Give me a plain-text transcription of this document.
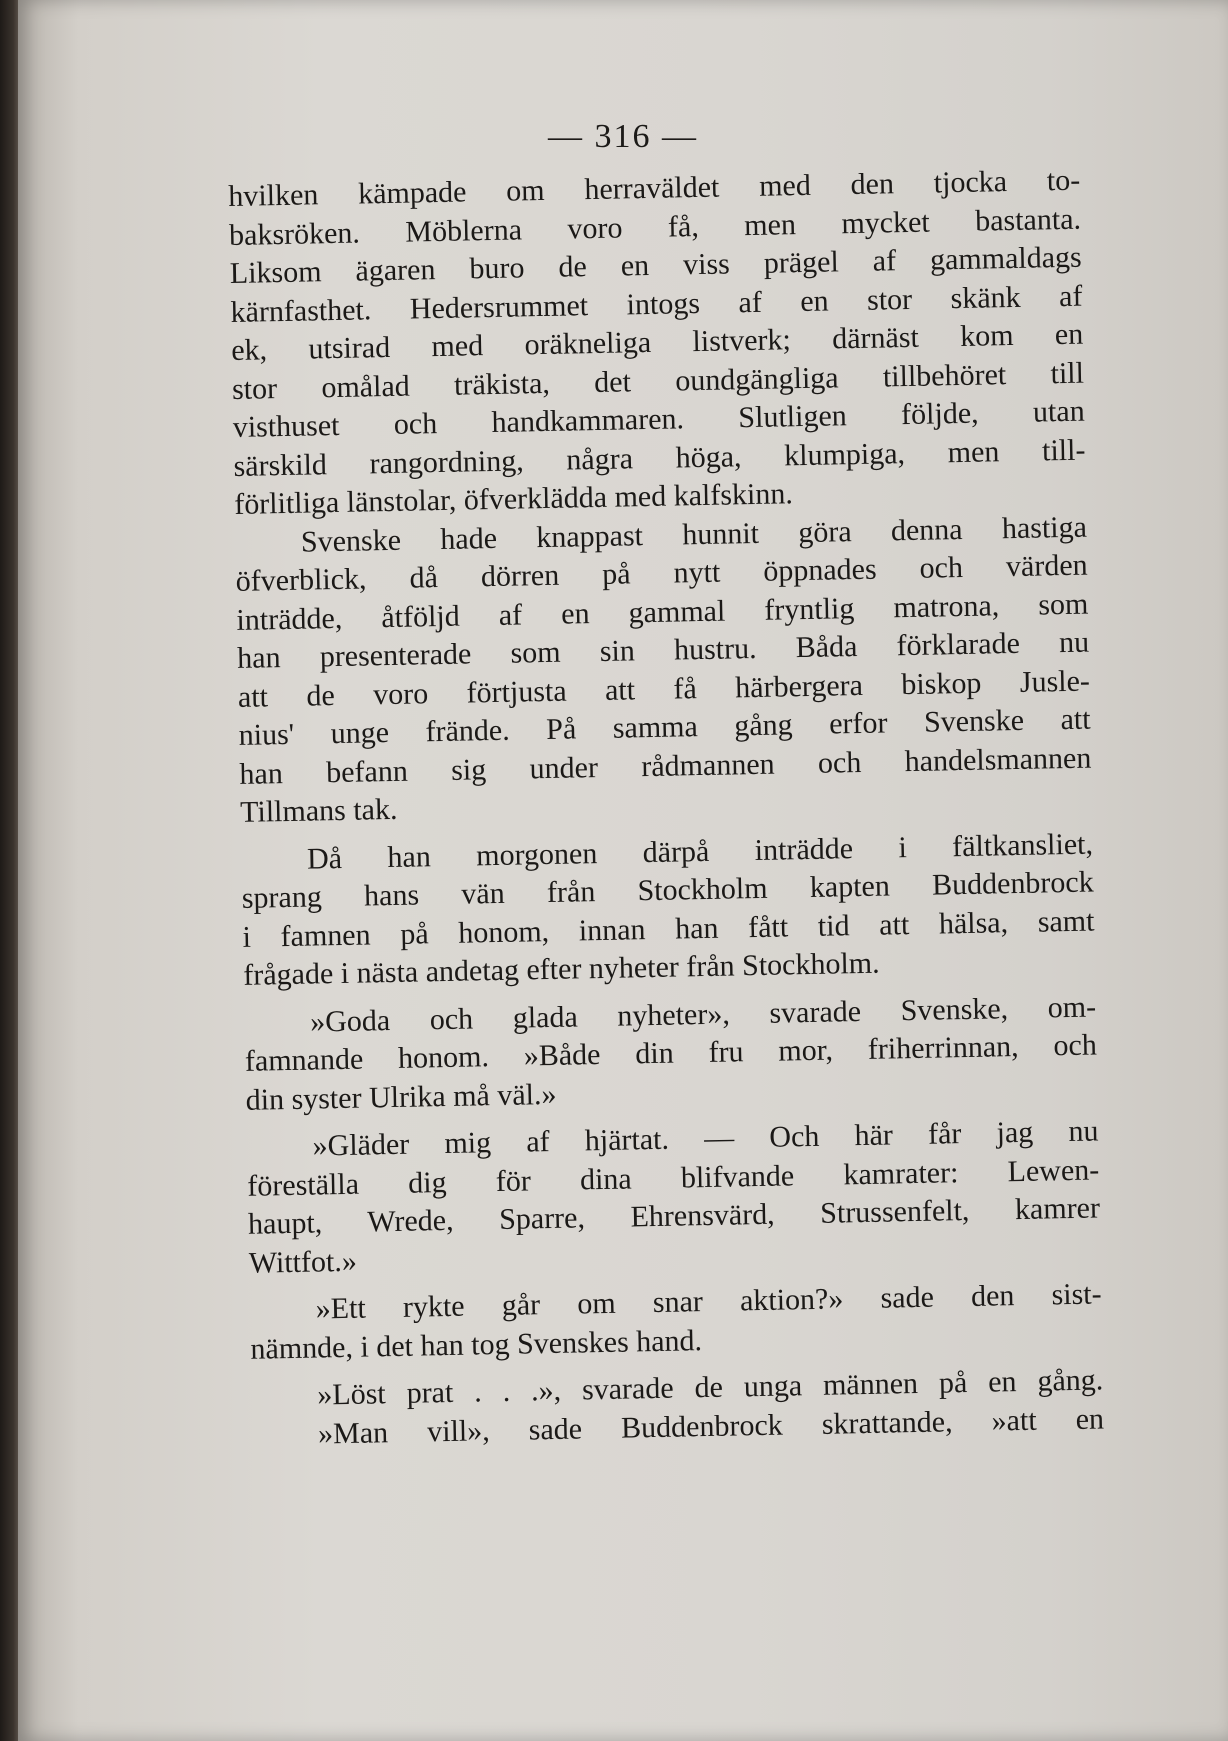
— 316 —
hvilken kämpade om herraväldet med den tjocka to-
baksröken. Möblerna voro få, men mycket bastanta.
Liksom ägaren buro de en viss prägel af gammaldags
kärnfasthet. Hedersrummet intogs af en stor skänk af
ek, utsirad med oräkneliga listverk; därnäst kom en
stor omålad träkista, det oundgängliga tillbehöret till
visthuset och handkammaren. Slutligen följde, utan
särskild rangordning, några höga, klumpiga, men till-
förlitliga länstolar, öfverklädda med kalfskinn.
Svenske hade knappast hunnit göra denna hastiga
öfverblick, då dörren på nytt öppnades och värden
inträdde, åtföljd af en gammal fryntlig matrona, som
han presenterade som sin hustru. Båda förklarade nu
att de voro förtjusta att få härbergera biskop Jusle-
nius' unge frände. På samma gång erfor Svenske att
han befann sig under rådmannen och handelsmannen
Tillmans tak.
Då han morgonen därpå inträdde i fältkansliet,
sprang hans vän från Stockholm kapten Buddenbrock
i famnen på honom, innan han fått tid att hälsa, samt
frågade i nästa andetag efter nyheter från Stockholm.
»Goda och glada nyheter», svarade Svenske, om-
famnande honom. »Både din fru mor, friherrinnan, och
din syster Ulrika må väl.»
»Gläder mig af hjärtat. — Och här får jag nu
föreställa dig för dina blifvande kamrater: Lewen-
haupt, Wrede, Sparre, Ehrensvärd, Strussenfelt, kamrer
Wittfot.»
»Ett rykte går om snar aktion?» sade den sist-
nämnde, i det han tog Svenskes hand.
»Löst prat . . .», svarade de unga männen på en gång.
»Man vill», sade Buddenbrock skrattande, »att en
